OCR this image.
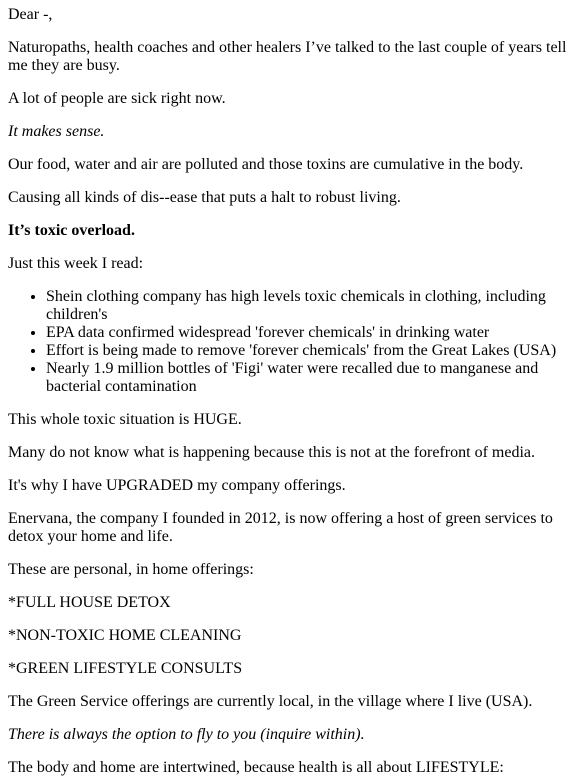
Dear -,

Naturopaths, health coaches and other healers I’ve talked to the last couple of years tell me they are busy.

A lot of people are sick right now.

It makes sense.

Our food, water and air are polluted and those toxins are cumulative in the body.

Causing all kinds of dis--ease that puts a halt to robust living.

It’s toxic overload.

Just this week I read:

• Shein clothing company has high levels toxic chemicals in clothing, including children's
• EPA data confirmed widespread 'forever chemicals' in drinking water
• Effort is being made to remove 'forever chemicals' from the Great Lakes (USA)
• Nearly 1.9 million bottles of 'Figi' water were recalled due to manganese and bacterial contamination

This whole toxic situation is HUGE.

Many do not know what is happening because this is not at the forefront of media.

It's why I have UPGRADED my company offerings.

Enervana, the company I founded in 2012, is now offering a host of green services to detox your home and life.

These are personal, in home offerings:

*FULL HOUSE DETOX

*NON-TOXIC HOME CLEANING

*GREEN LIFESTYLE CONSULTS

The Green Service offerings are currently local, in the village where I live (USA).

There is always the option to fly to you (inquire within).

The body and home are intertwined, because health is all about LIFESTYLE:
